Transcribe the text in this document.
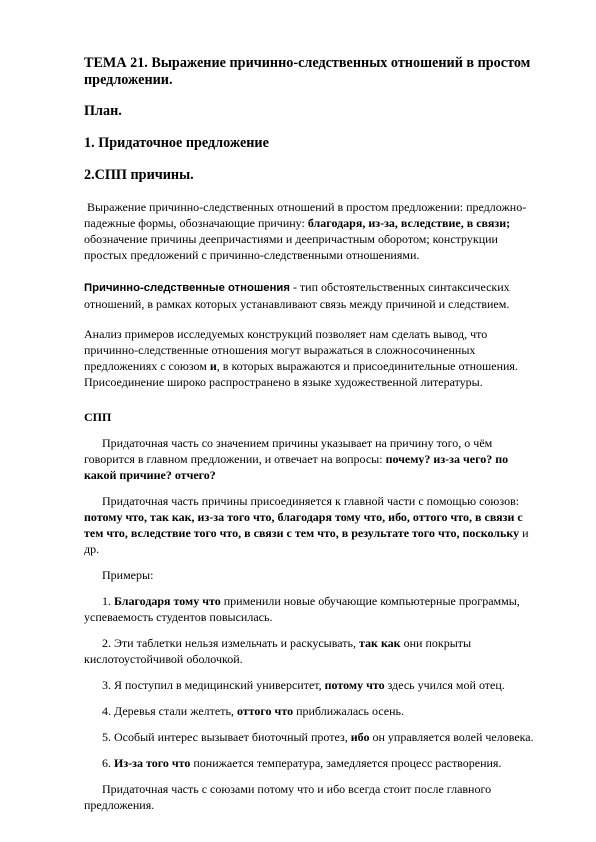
ТЕМА 21. Выражение причинно-следственных отношений в простом предложении.
План.
1. Придаточное предложение
2.СПП причины.

Выражение причинно-следственных отношений в простом предложении: предложно-падежные формы, обозначающие причину: благодаря, из-за, вследствие, в связи; обозначение причины деепричастиями и деепричастным оборотом; конструкции простых предложений с причинно-следственными отношениями.

Причинно-следственные отношения - тип обстоятельственных синтаксических отношений, в рамках которых устанавливают связь между причиной и следствием.

Анализ примеров исследуемых конструкций позволяет нам сделать вывод, что причинно-следственные отношения могут выражаться в сложносочиненных предложениях с союзом и, в которых выражаются и присоединительные отношения. Присоединение широко распространено в языке художественной литературы.

СПП

Придаточная часть со значением причины указывает на причину того, о чём говорится в главном предложении, и отвечает на вопросы: почему? из-за чего? по какой причине? отчего?

Придаточная часть причины присоединяется к главной части с помощью союзов: потому что, так как, из-за того что, благодаря тому что, ибо, оттого что, в связи с тем что, вследствие того что, в связи с тем что, в результате того что, поскольку и др.

Примеры:

1. Благодаря тому что применили новые обучающие компьютерные программы, успеваемость студентов повысилась.

2. Эти таблетки нельзя измельчать и раскусывать, так как они покрыты кислотоустойчивой оболочкой.

3. Я поступил в медицинский университет, потому что здесь учился мой отец.

4. Деревья стали желтеть, оттого что приближалась осень.

5. Особый интерес вызывает биоточный протез, ибо он управляется волей человека.

6. Из-за того что понижается температура, замедляется процесс растворения.

Придаточная часть с союзами потому что и ибо всегда стоит после главного предложения.
